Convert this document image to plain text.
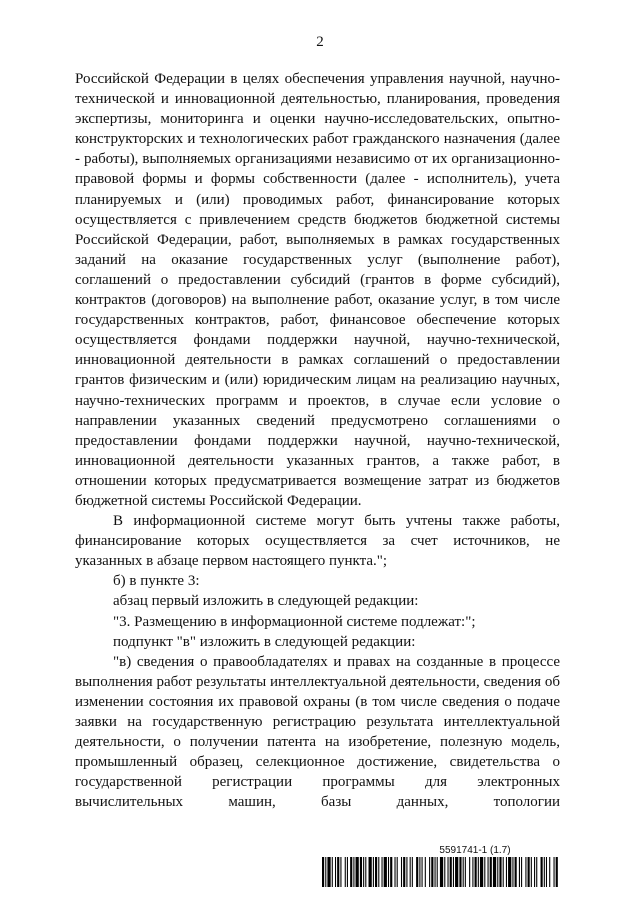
2

Российской Федерации в целях обеспечения управления научной, научно-технической и инновационной деятельностью, планирования, проведения экспертизы, мониторинга и оценки научно-исследовательских, опытно-конструкторских и технологических работ гражданского назначения (далее - работы), выполняемых организациями независимо от их организационно-правовой формы и формы собственности (далее - исполнитель), учета планируемых и (или) проводимых работ, финансирование которых осуществляется с привлечением средств бюджетов бюджетной системы Российской Федерации, работ, выполняемых в рамках государственных заданий на оказание государственных услуг (выполнение работ), соглашений о предоставлении субсидий (грантов в форме субсидий), контрактов (договоров) на выполнение работ, оказание услуг, в том числе государственных контрактов, работ, финансовое обеспечение которых осуществляется фондами поддержки научной, научно-технической, инновационной деятельности в рамках соглашений о предоставлении грантов физическим и (или) юридическим лицам на реализацию научных, научно-технических программ и проектов, в случае если условие о направлении указанных сведений предусмотрено соглашениями о предоставлении фондами поддержки научной, научно-технической, инновационной деятельности указанных грантов, а также работ, в отношении которых предусматривается возмещение затрат из бюджетов бюджетной системы Российской Федерации.

В информационной системе могут быть учтены также работы, финансирование которых осуществляется за счет источников, не указанных в абзаце первом настоящего пункта.";

б) в пункте 3:

абзац первый изложить в следующей редакции:

"3. Размещению в информационной системе подлежат:";

подпункт "в" изложить в следующей редакции:

"в) сведения о правообладателях и правах на созданные в процессе выполнения работ результаты интеллектуальной деятельности, сведения об изменении состояния их правовой охраны (в том числе сведения о подаче заявки на государственную регистрацию результата интеллектуальной деятельности, о получении патента на изобретение, полезную модель, промышленный образец, селекционное достижение, свидетельства о государственной регистрации программы для электронных вычислительных машин, базы данных, топологии

5591741-1 (1.7)
